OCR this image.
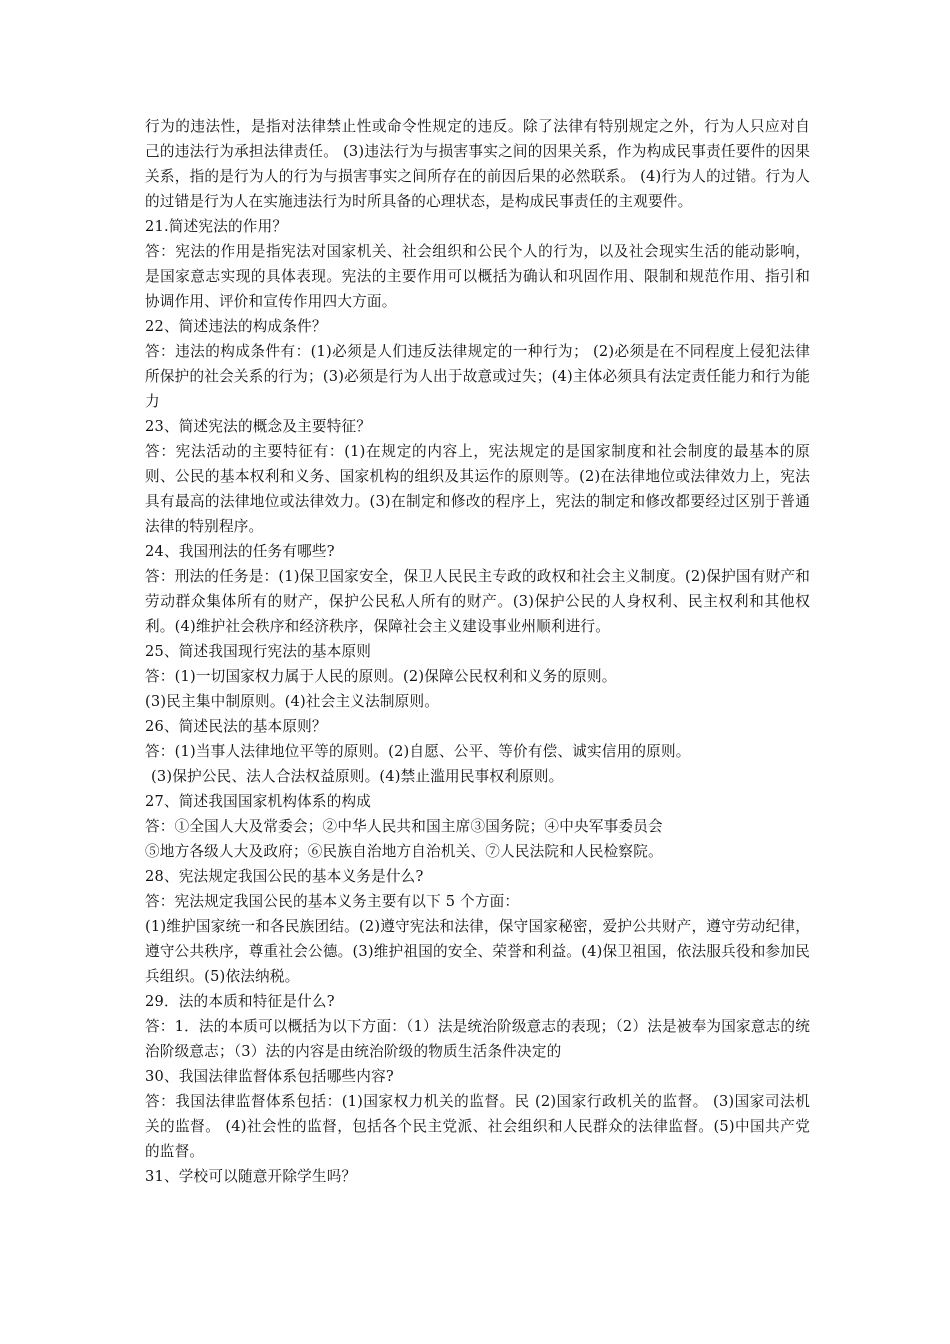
行为的违法性，是指对法律禁止性或命令性规定的违反。除了法律有特别规定之外，行为人只应对自己的违法行为承担法律责任。 (3)违法行为与损害事实之间的因果关系，作为构成民事责任要件的因果关系，指的是行为人的行为与损害事实之间所存在的前因后果的必然联系。 (4)行为人的过错。行为人的过错是行为人在实施违法行为时所具备的心理状态，是构成民事责任的主观要件。

21.简述宪法的作用？

答：宪法的作用是指宪法对国家机关、社会组织和公民个人的行为，以及社会现实生活的能动影响，是国家意志实现的具体表现。宪法的主要作用可以概括为确认和巩固作用、限制和规范作用、指引和协调作用、评价和宣传作用四大方面。

22、简述违法的构成条件？

答：违法的构成条件有：(1)必须是人们违反法律规定的一种行为； (2)必须是在不同程度上侵犯法律所保护的社会关系的行为；(3)必须是行为人出于故意或过失；(4)主体必须具有法定责任能力和行为能力

23、简述宪法的概念及主要特征？

答：宪法活动的主要特征有：(1)在规定的内容上，宪法规定的是国家制度和社会制度的最基本的原则、公民的基本权利和义务、国家机构的组织及其运作的原则等。(2)在法律地位或法律效力上，宪法具有最高的法律地位或法律效力。(3)在制定和修改的程序上，宪法的制定和修改都要经过区别于普通法律的特别程序。

24、我国刑法的任务有哪些?

答：刑法的任务是：(1)保卫国家安全，保卫人民民主专政的政权和社会主义制度。(2)保护国有财产和劳动群众集体所有的财产，保护公民私人所有的财产。(3)保护公民的人身权利、民主权利和其他权利。(4)维护社会秩序和经济秩序，保障社会主义建设事业州顺利进行。

25、简述我国现行宪法的基本原则

答：(1)一切国家权力属于人民的原则。(2)保障公民权利和义务的原则。

(3)民主集中制原则。(4)社会主义法制原则。

26、简述民法的基本原则？

答：(1)当事人法律地位平等的原则。(2)自愿、公平、等价有偿、诚实信用的原则。

(3)保护公民、法人合法权益原则。(4)禁止滥用民事权利原则。

27、简述我国国家机构体系的构成

答：①全国人大及常委会；②中华人民共和国主席③国务院；④中央军事委员会

⑤地方各级人大及政府；⑥民族自治地方自治机关、⑦人民法院和人民检察院。

28、宪法规定我国公民的基本义务是什么?

答：宪法规定我国公民的基本义务主要有以下 5 个方面：

(1)维护国家统一和各民族团结。(2)遵守宪法和法律，保守国家秘密，爱护公共财产，遵守劳动纪律，遵守公共秩序，尊重社会公德。(3)维护祖国的安全、荣誉和利益。(4)保卫祖国，依法服兵役和参加民兵组织。(5)依法纳税。

29．法的本质和特征是什么?

答：1．法的本质可以概括为以下方面：（1）法是统治阶级意志的表现；（2）法是被奉为国家意志的统治阶级意志；（3）法的内容是由统治阶级的物质生活条件决定的

30、我国法律监督体系包括哪些内容?

答：我国法律监督体系包括：(1)国家权力机关的监督。民 (2)国家行政机关的监督。 (3)国家司法机关的监督。 (4)社会性的监督，包括各个民主党派、社会组织和人民群众的法律监督。(5)中国共产党的监督。

31、学校可以随意开除学生吗？
